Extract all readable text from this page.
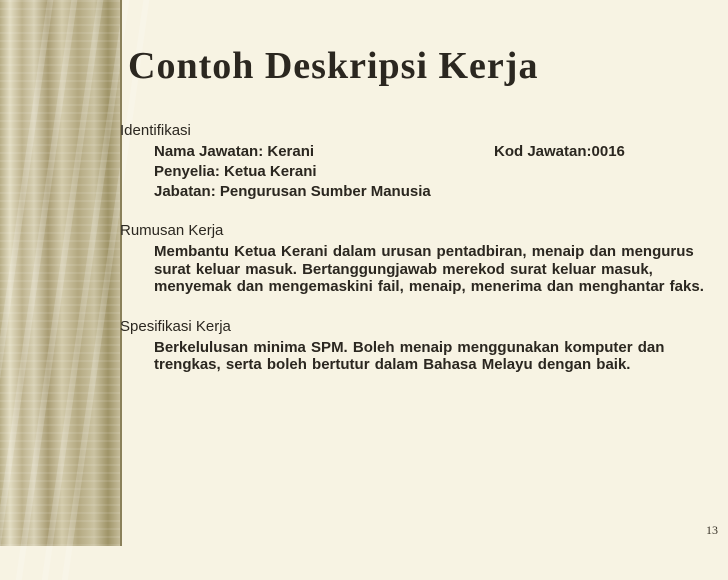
Contoh Deskripsi Kerja
Identifikasi
Nama Jawatan: Kerani	Kod Jawatan:0016
Penyelia: Ketua Kerani
Jabatan: Pengurusan Sumber Manusia
Rumusan Kerja
Membantu Ketua Kerani dalam urusan pentadbiran, menaip dan mengurus surat keluar masuk. Bertanggungjawab merekod surat keluar masuk, menyemak dan mengemaskini fail, menaip, menerima dan menghantar faks.
Spesifikasi Kerja
Berkelulusan minima SPM. Boleh menaip menggunakan komputer dan trengkas, serta boleh bertutur dalam Bahasa Melayu dengan baik.
13
